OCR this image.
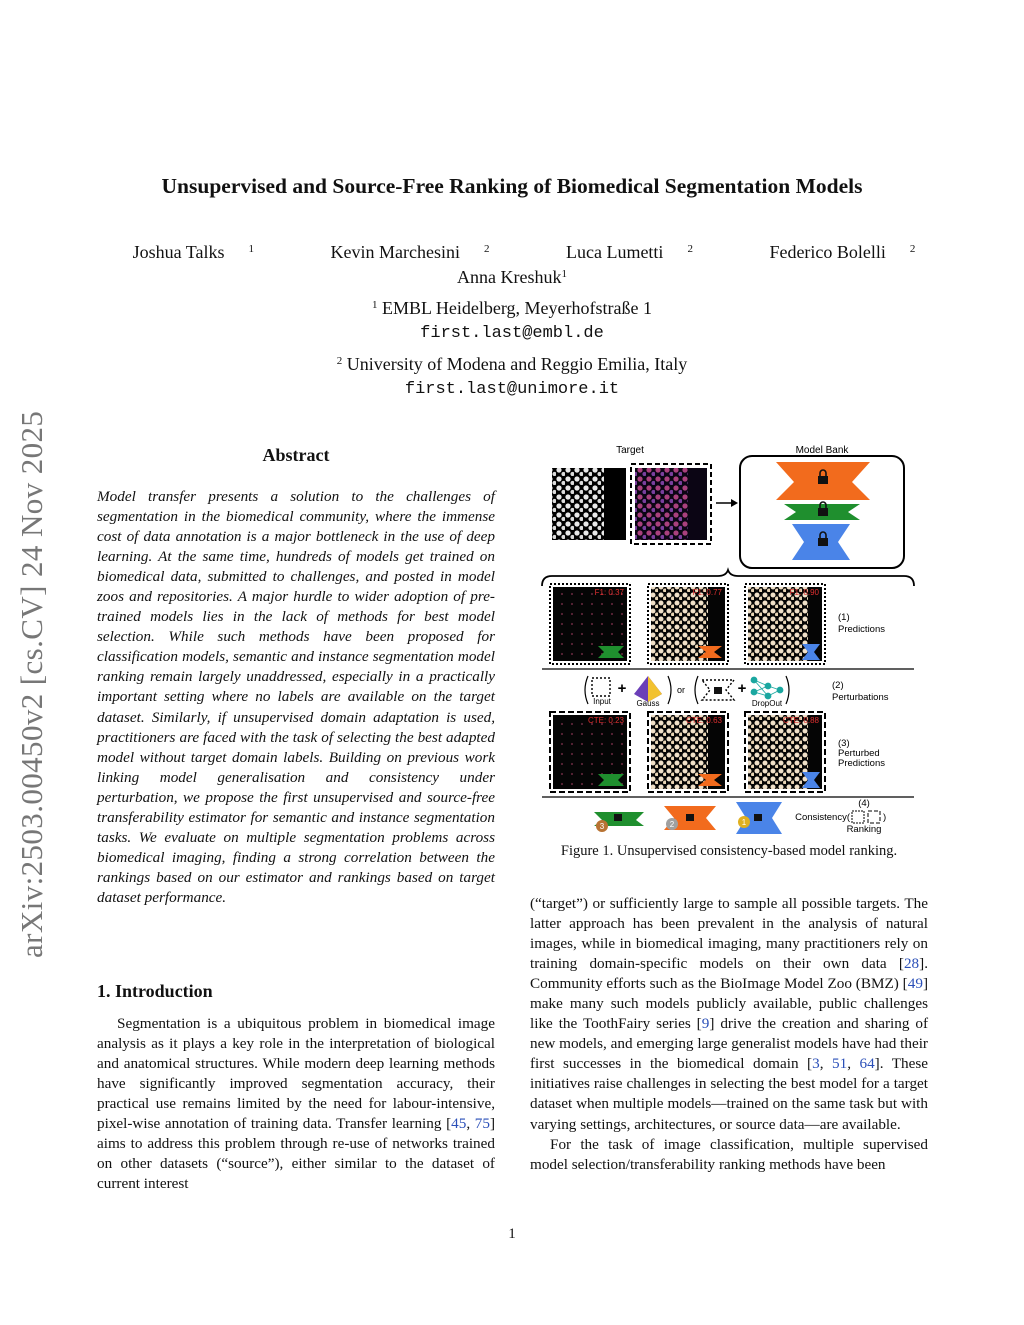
Unsupervised and Source-Free Ranking of Biomedical Segmentation Models
Joshua Talks $^1$	Kevin Marchesini $^2$	Luca Lumetti $^2$	Federico Bolelli $^2$
Anna Kreshuk$^1$
$^1$ EMBL Heidelberg, Meyerhofstraße 1
first.last@embl.de
$^2$ University of Modena and Reggio Emilia, Italy
first.last@unimore.it
arXiv:2503.00450v2 [cs.CV] 24 Nov 2025	Abstract
Model transfer presents a solution to the challenges of segmentation in the biomedical community, where the immense cost of data annotation is a major bottleneck in the use of deep learning. At the same time, hundreds of models get trained on biomedical data, submitted to challenges, and posted in model zoos and repositories. A major hurdle to wider adoption of pre-trained models lies in the lack of methods for best model selection. While such methods have been proposed for classification models, semantic and instance segmentation model ranking remain largely unaddressed, especially in a practically important setting where no labels are available on the target dataset. Similarly, if unsupervised domain adaptation is used, practitioners are faced with the task of selecting the best adapted model without target domain labels. Building on previous work linking model generalisation and consistency under perturbation, we propose the first unsupervised and source-free transferability estimator for semantic and instance segmentation tasks. We evaluate on multiple segmentation problems across biomedical imaging, finding a strong correlation between the rankings based on our estimator and rankings based on target dataset performance.
1. Introduction

Segmentation is a ubiquitous problem in biomedical image analysis as it plays a key role in the interpretation of biological and anatomical structures. While modern deep learning methods have significantly improved segmentation accuracy, their practical use remains limited by the need for labour-intensive, pixel-wise annotation of training data. Transfer learning [45, 75] aims to address this problem through re-use of networks trained on other datasets (“source”), either similar to the dataset of current interest

Target	Model Bank
F1: 0.37	F1: 0.77	F1: 0.90
(1)
Predictions
Input
+
Gauss
or	+
DropOut
(2)
Perturbations
CTE: 0.23	CTE: 0.63	CTE: 0.88
(3)
Perturbed
Predictions
3	2	1
(4)
Consistency(	)
Ranking
Figure 1. Unsupervised consistency-based model ranking.

(“target”) or sufficiently large to sample all possible targets. The latter approach has been prevalent in the analysis of natural images, while in biomedical imaging, many practitioners rely on training domain-specific models on their own data [28]. Community efforts such as the BioImage Model Zoo (BMZ) [49] make many such models publicly available, public challenges like the ToothFairy series [9] drive the creation and sharing of new models, and emerging large generalist models have had their first successes in the biomedical domain [3, 51, 64]. These initiatives raise challenges in selecting the best model for a target dataset when multiple models—trained on the same task but with varying settings, architectures, or source data—are available.

For the task of image classification, multiple supervised model selection/transferability ranking methods have been

1
